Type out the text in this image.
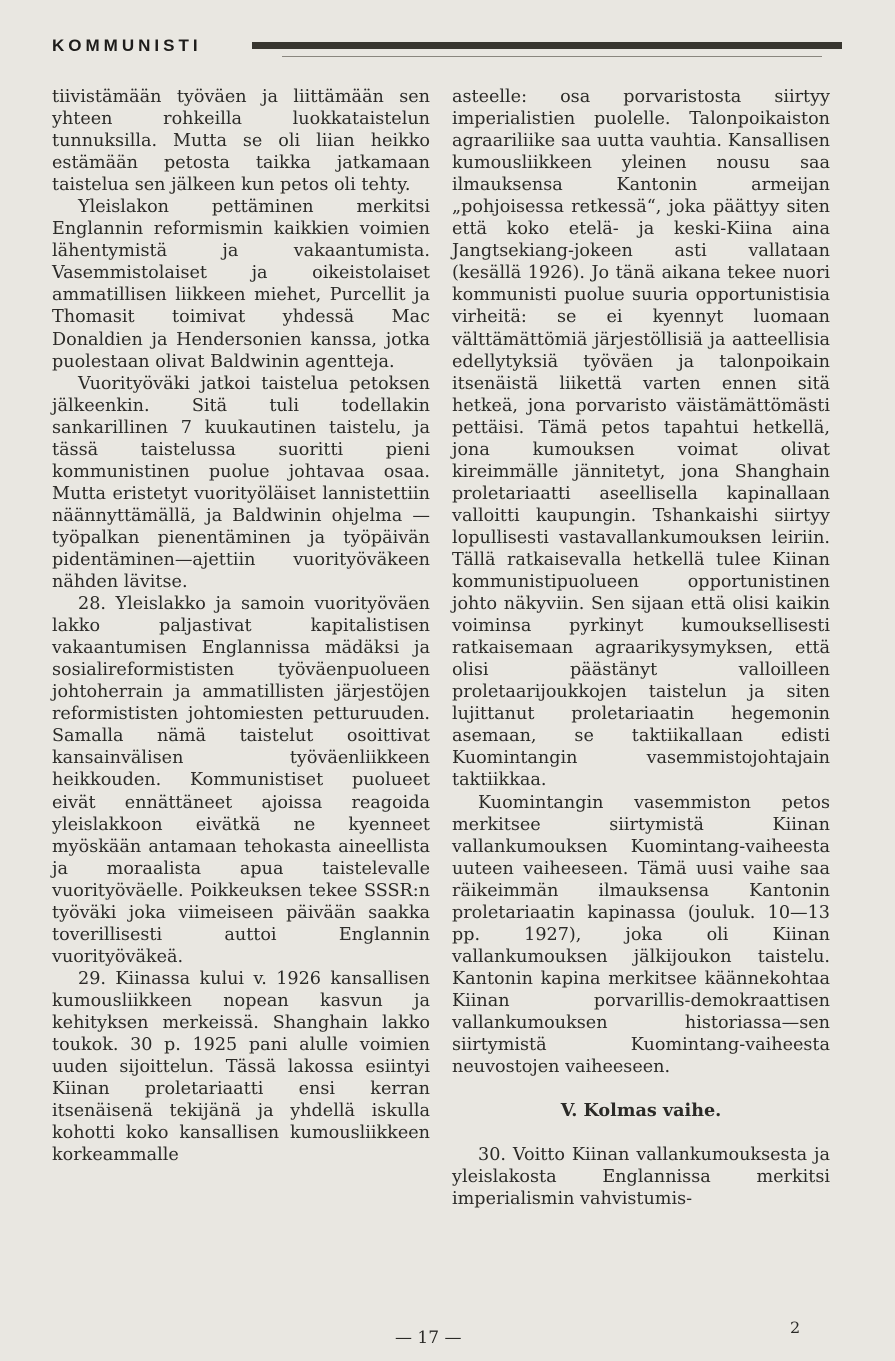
KOMMUNISTI

tiivistämään työväen ja liittämään sen yhteen rohkeilla luokkataistelun tunnuksilla. Mutta se oli liian heikko estämään petosta taikka jatkamaan taistelua sen jälkeen kun petos oli tehty.

Yleislakon pettäminen merkitsi Englannin reformismin kaikkien voimien lähentymistä ja vakaantumista. Vasemmistolaiset ja oikeistolaiset ammatillisen liikkeen miehet, Purcellit ja Thomasit toimivat yhdessä Mac Donaldien ja Hendersonien kanssa, jotka puolestaan olivat Baldwinin agentteja.

Vuorityöväki jatkoi taistelua petoksen jälkeenkin. Sitä tuli todellakin sankarillinen 7 kuukautinen taistelu, ja tässä taistelussa suoritti pieni kommunistinen puolue johtavaa osaa. Mutta eristetyt vuorityöläiset lannistettiin näännyttämällä, ja Baldwinin ohjelma — työpalkan pienentäminen ja työpäivän pidentäminen—ajettiin vuorityöväkeen nähden lävitse.

28. Yleislakko ja samoin vuorityöväen lakko paljastivat kapitalistisen vakaantumisen Englannissa mädäksi ja sosialireformististen työväenpuolueen johtoherrain ja ammatillisten järjestöjen reformististen johtomiesten petturuuden. Samalla nämä taistelut osoittivat kansainvälisen työväenliikkeen heikkouden. Kommunistiset puolueet eivät ennättäneet ajoissa reagoida yleislakkoon eivätkä ne kyenneet myöskään antamaan tehokasta aineellista ja moraalista apua taistelevalle vuorityöväelle. Poikkeuksen tekee SSSR:n työväki joka viimeiseen päivään saakka toverillisesti auttoi Englannin vuorityöväkeä.

29. Kiinassa kului v. 1926 kansallisen kumousliikkeen nopean kasvun ja kehityksen merkeissä. Shanghain lakko toukok. 30 p. 1925 pani alulle voimien uuden sijoittelun. Tässä lakossa esiintyi Kiinan proletariaatti ensi kerran itsenäisenä tekijänä ja yhdellä iskulla kohotti koko kansallisen kumousliikkeen korkeammalle

asteelle: osa porvaristosta siirtyy imperialistien puolelle. Talonpoikaiston agraariliike saa uutta vauhtia. Kansallisen kumousliikkeen yleinen nousu saa ilmauksensa Kantonin armeijan „pohjoisessa retkessä“, joka päättyy siten että koko etelä- ja keski-Kiina aina Jangtsekiang-jokeen asti vallataan (kesällä 1926). Jo tänä aikana tekee nuori kommunisti puolue suuria opportunistisia virheitä: se ei kyennyt luomaan välttämättömiä järjestöllisiä ja aatteellisia edellytyksiä työväen ja talonpoikain itsenäistä liikettä varten ennen sitä hetkeä, jona porvaristo väistämättömästi pettäisi. Tämä petos tapahtui hetkellä, jona kumouksen voimat olivat kireimmälle jännitetyt, jona Shanghain proletariaatti aseellisella kapinallaan valloitti kaupungin. Tshankaishi siirtyy lopullisesti vastavallankumouksen leiriin. Tällä ratkaisevalla hetkellä tulee Kiinan kommunistipuolueen opportunistinen johto näkyviin. Sen sijaan että olisi kaikin voiminsa pyrkinyt kumouksellisesti ratkaisemaan agraarikysymyksen, että olisi päästänyt valloilleen proletaarijoukkojen taistelun ja siten lujittanut proletariaatin hegemonin asemaan, se taktiikallaan edisti Kuomintangin vasemmistojohtajain taktiikkaa.

Kuomintangin vasemmiston petos merkitsee siirtymistä Kiinan vallankumouksen Kuomintang-vaiheesta uuteen vaiheeseen. Tämä uusi vaihe saa räikeimmän ilmauksensa Kantonin proletariaatin kapinassa (jouluk. 10—13 pp. 1927), joka oli Kiinan vallankumouksen jälkijoukon taistelu. Kantonin kapina merkitsee käännekohtaa Kiinan porvarillis-demokraattisen vallankumouksen historiassa—sen siirtymistä Kuomintang-vaiheesta neuvostojen vaiheeseen.

V. Kolmas vaihe.

30. Voitto Kiinan vallankumouksesta ja yleislakosta Englannissa merkitsi imperialismin vahvistumis-

— 17 —
2
